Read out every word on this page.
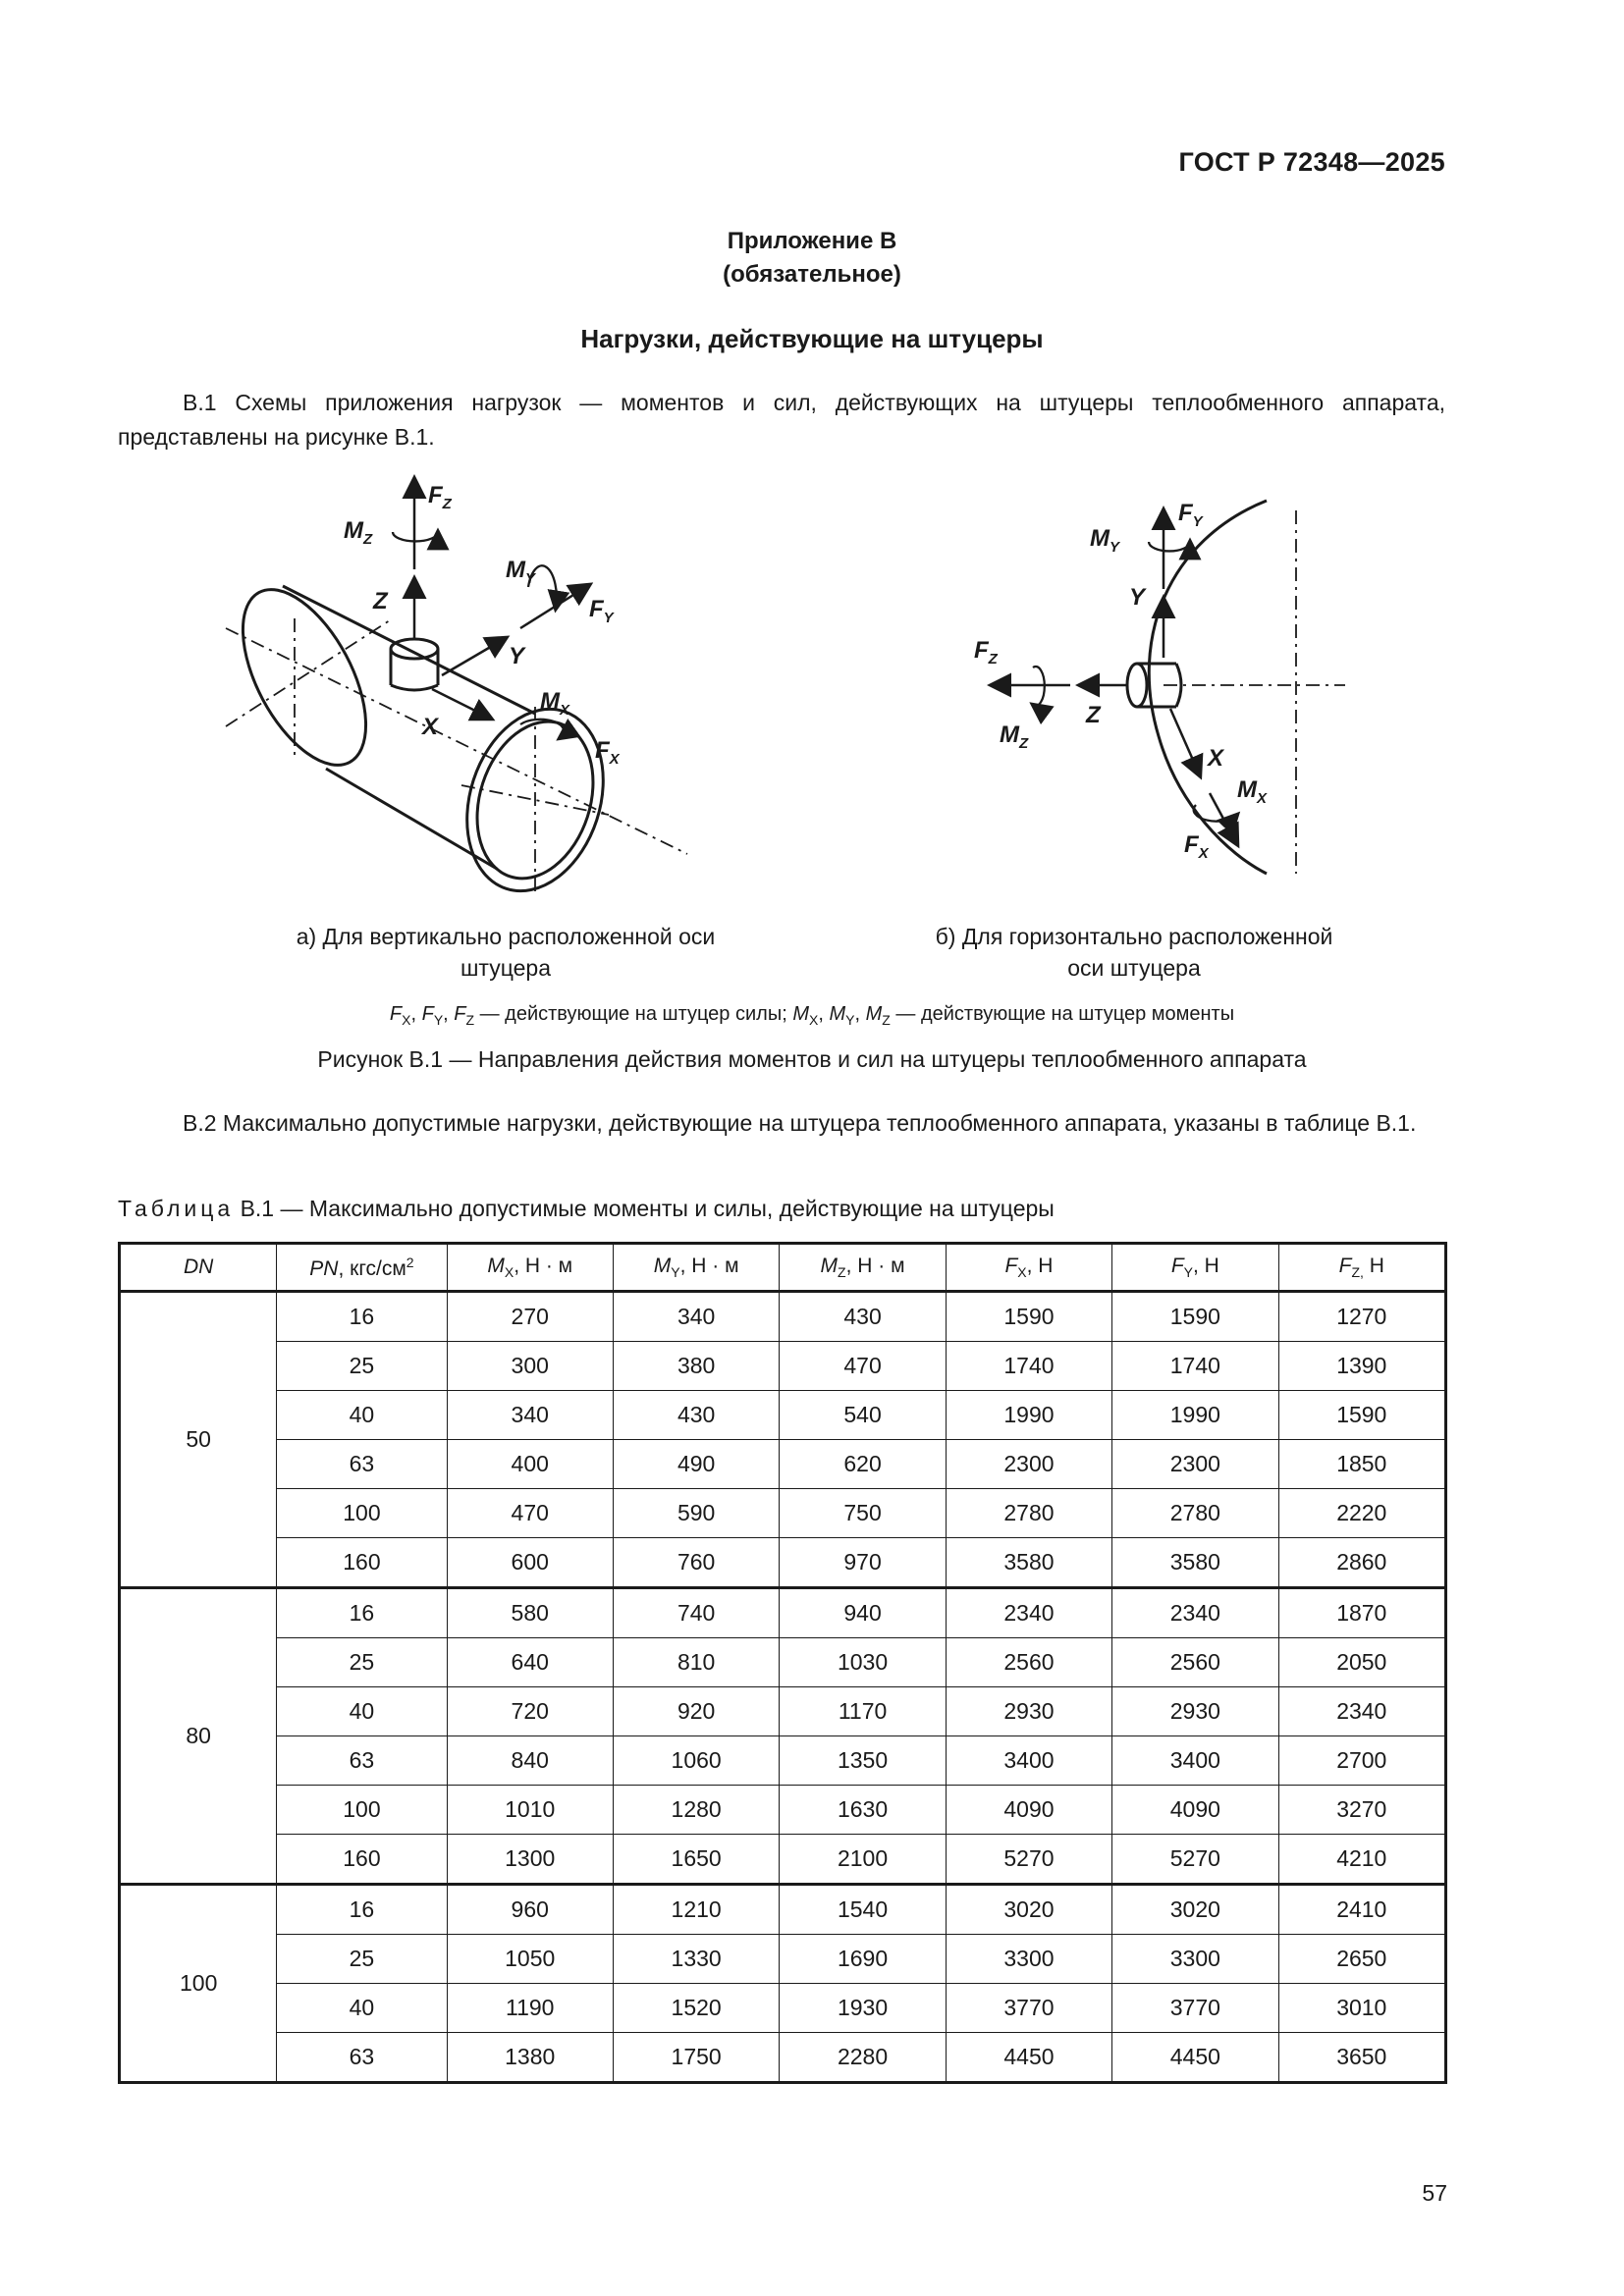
ГОСТ Р 72348—2025
Приложение В
(обязательное)
Нагрузки, действующие на штуцеры
В.1 Схемы приложения нагрузок — моментов и сил, действующих на штуцеры теплообменного аппарата, представлены на рисунке В.1.
$F_Z$
$M_Z$
Z
$M_Y$
$F_Y$
Y
$M_X$
X
$F_X$
$F_Y$
$M_Y$
Y
$F_Z$
Z
$M_Z$
X
$M_X$
$F_X$
а) Для вертикально расположенной оси
штуцера
б) Для горизонтально расположенной
оси штуцера
$F_X$, $F_Y$, $F_Z$ — действующие на штуцер силы; $M_X$, $M_Y$, $M_Z$ — действующие на штуцер моменты
Рисунок В.1 — Направления действия моментов и сил на штуцеры теплообменного аппарата
В.2 Максимально допустимые нагрузки, действующие на штуцера теплообменного аппарата, указаны в таблице В.1.
Таблица В.1 — Максимально допустимые моменты и силы, действующие на штуцеры
DN	PN, кгс/$см^2$	$M_X$, Н · м	$M_Y$, Н · м	$M_Z$, Н · м	$F_X$, Н	$F_Y$, Н	$F_{Z,}$ Н
50	16	270	340	430	1590	1590	1270
	25	300	380	470	1740	1740	1390
	40	340	430	540	1990	1990	1590
	63	400	490	620	2300	2300	1850
	100	470	590	750	2780	2780	2220
	160	600	760	970	3580	3580	2860
80	16	580	740	940	2340	2340	1870
	25	640	810	1030	2560	2560	2050
	40	720	920	1170	2930	2930	2340
	63	840	1060	1350	3400	3400	2700
	100	1010	1280	1630	4090	4090	3270
	160	1300	1650	2100	5270	5270	4210
100	16	960	1210	1540	3020	3020	2410
	25	1050	1330	1690	3300	3300	2650
	40	1190	1520	1930	3770	3770	3010
	63	1380	1750	2280	4450	4450	3650
57
